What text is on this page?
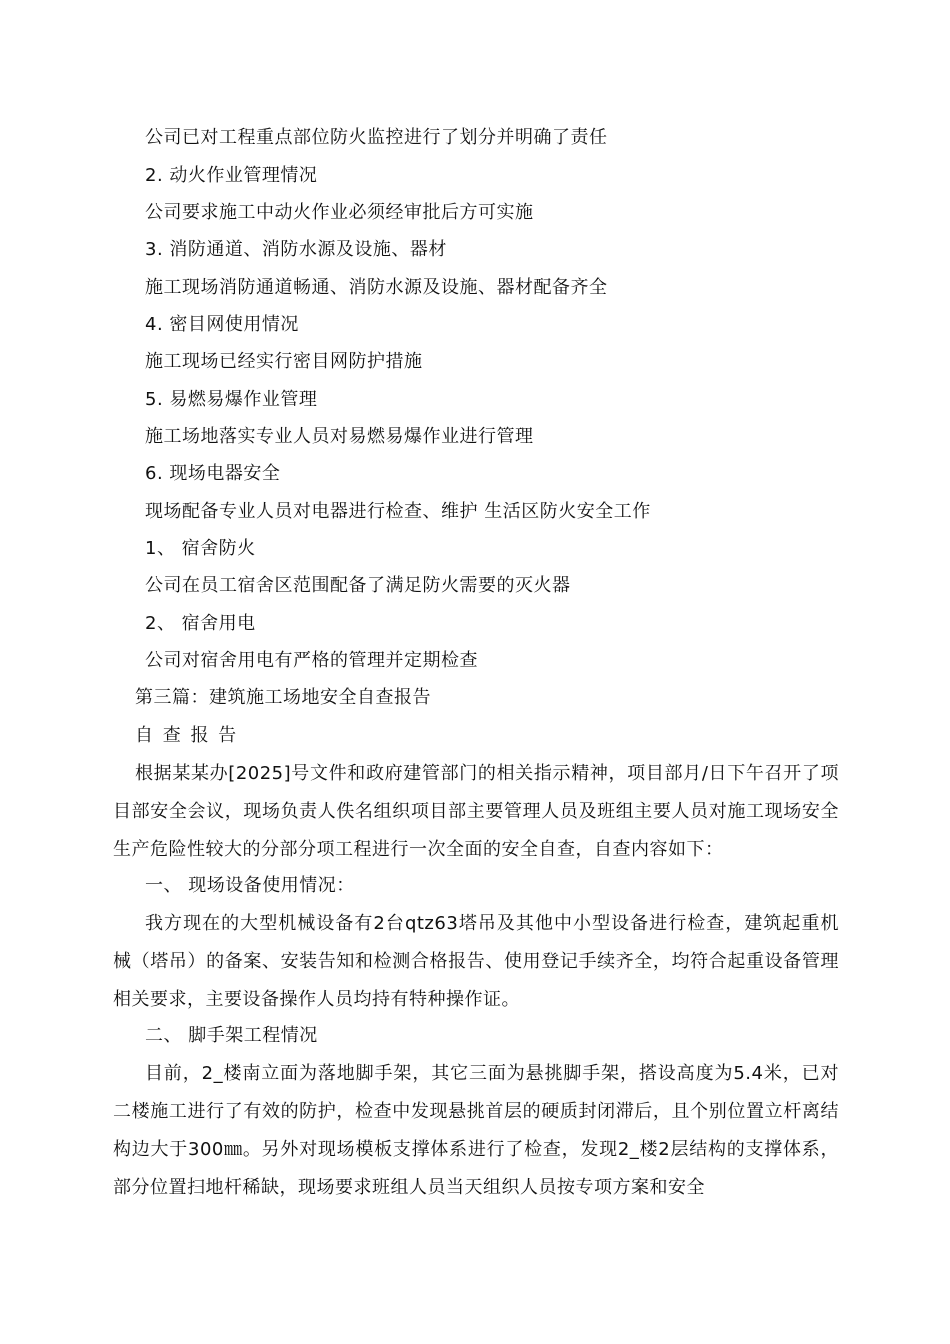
公司已对工程重点部位防火监控进行了划分并明确了责任
2. 动火作业管理情况
公司要求施工中动火作业必须经审批后方可实施
3. 消防通道、消防水源及设施、器材
施工现场消防通道畅通、消防水源及设施、器材配备齐全
4. 密目网使用情况
施工现场已经实行密目网防护措施
5. 易燃易爆作业管理
施工场地落实专业人员对易燃易爆作业进行管理
6. 现场电器安全
现场配备专业人员对电器进行检查、维护 生活区防火安全工作
1、 宿舍防火
公司在员工宿舍区范围配备了满足防火需要的灭火器
2、 宿舍用电
公司对宿舍用电有严格的管理并定期检查
第三篇：建筑施工场地安全自查报告
自 查 报 告
根据某某办[2025]号文件和政府建管部门的相关指示精神，项目部月/日下午召开了项目部安全会议，现场负责人佚名组织项目部主要管理人员及班组主要人员对施工现场安全生产危险性较大的分部分项工程进行一次全面的安全自查，自查内容如下：
一、 现场设备使用情况：
我方现在的大型机械设备有2台qtz63塔吊及其他中小型设备进行检查，建筑起重机械（塔吊）的备案、安装告知和检测合格报告、使用登记手续齐全，均符合起重设备管理相关要求，主要设备操作人员均持有特种操作证。
二、 脚手架工程情况
目前，2_楼南立面为落地脚手架，其它三面为悬挑脚手架，搭设高度为5.4米，已对二楼施工进行了有效的防护，检查中发现悬挑首层的硬质封闭滞后，且个别位置立杆离结构边大于300㎜。另外对现场模板支撑体系进行了检查，发现2_楼2层结构的支撑体系，部分位置扫地杆稀缺，现场要求班组人员当天组织人员按专项方案和安全
